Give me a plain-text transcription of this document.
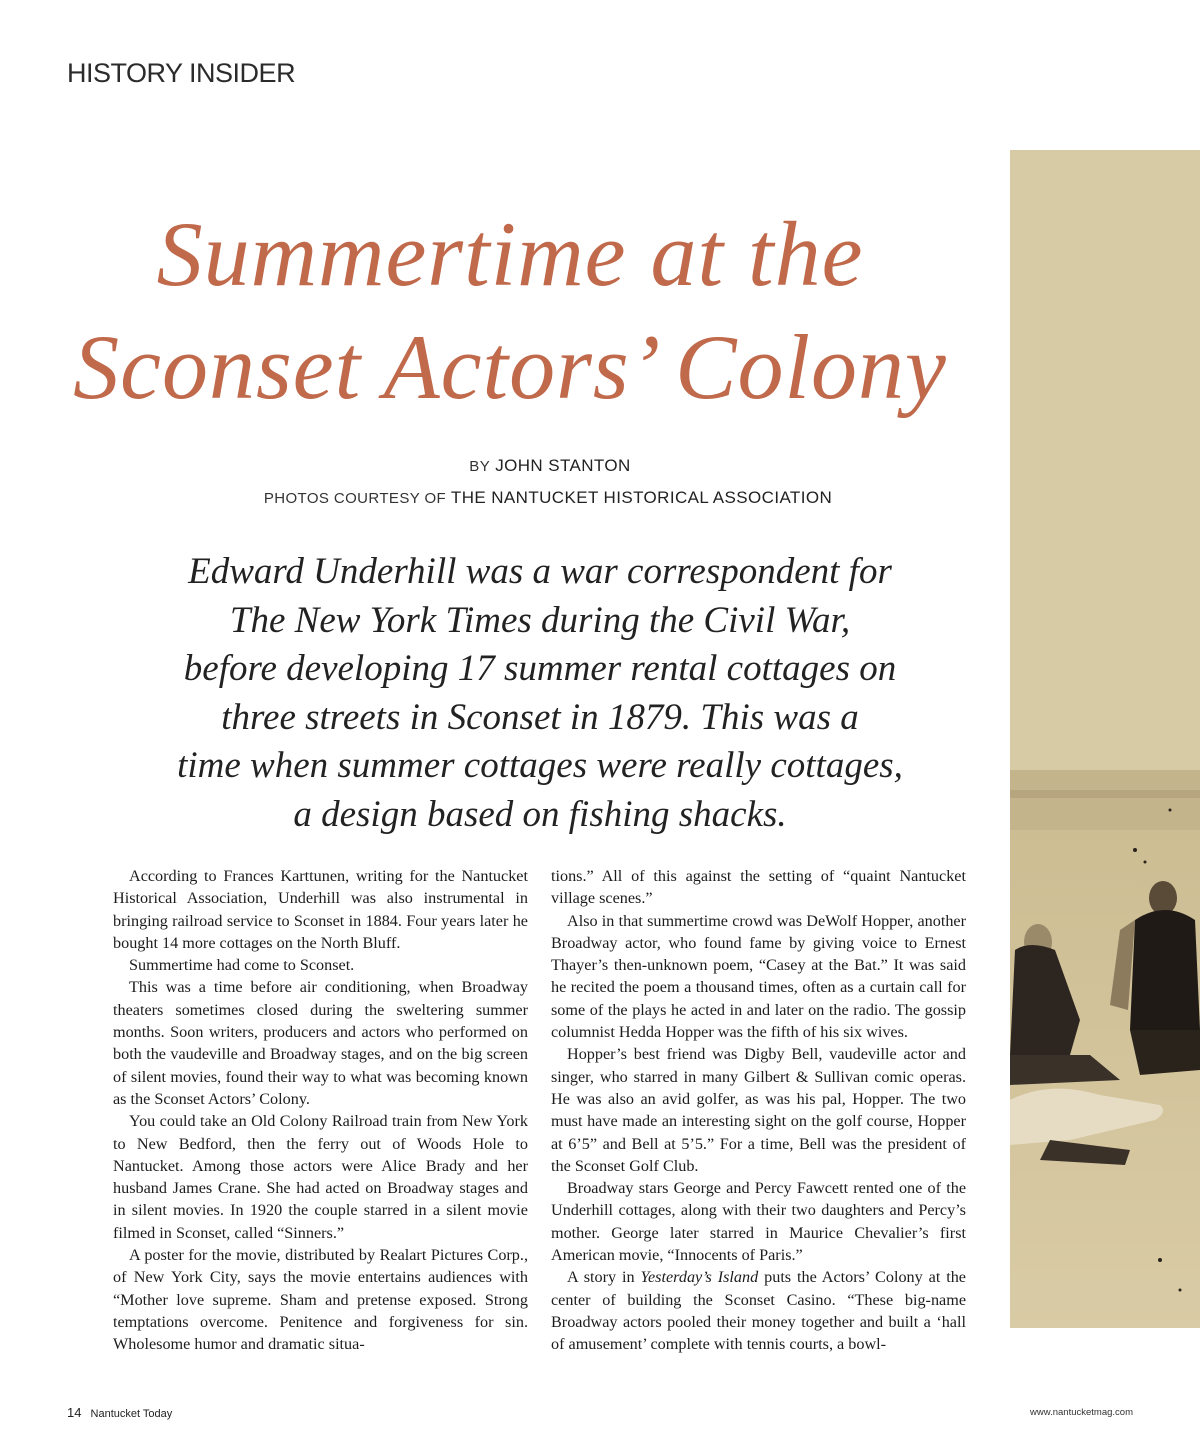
HISTORY INSIDER
Summertime at the
Sconset Actors’ Colony
BY JOHN STANTON
PHOTOS COURTESY OF THE NANTUCKET HISTORICAL ASSOCIATION

Edward Underhill was a war correspondent for
The New York Times during the Civil War,
before developing 17 summer rental cottages on
three streets in Sconset in 1879. This was a
time when summer cottages were really cottages,
a design based on fishing shacks.

According to Frances Karttunen, writing for the Nantucket Historical Association, Underhill was also instrumental in bringing railroad service to Sconset in 1884. Four years later he bought 14 more cottages on the North Bluff.

Summertime had come to Sconset.

This was a time before air conditioning, when Broadway theaters sometimes closed during the sweltering summer months. Soon writers, producers and actors who performed on both the vaudeville and Broadway stages, and on the big screen of silent movies, found their way to what was becoming known as the Sconset Actors’ Colony.

You could take an Old Colony Railroad train from New York to New Bedford, then the ferry out of Woods Hole to Nantucket. Among those actors were Alice Brady and her husband James Crane. She had acted on Broadway stages and in silent movies. In 1920 the couple starred in a silent movie filmed in Sconset, called “Sinners.”

A poster for the movie, distributed by Realart Pictures Corp., of New York City, says the movie entertains audiences with “Mother love supreme. Sham and pretense exposed. Strong temptations overcome. Penitence and forgiveness for sin. Wholesome humor and dramatic situa-

tions.” All of this against the setting of “quaint Nantucket village scenes.”

Also in that summertime crowd was DeWolf Hopper, another Broadway actor, who found fame by giving voice to Ernest Thayer’s then-unknown poem, “Casey at the Bat.” It was said he recited the poem a thousand times, often as a curtain call for some of the plays he acted in and later on the radio. The gossip columnist Hedda Hopper was the fifth of his six wives.

Hopper’s best friend was Digby Bell, vaudeville actor and singer, who starred in many Gilbert & Sullivan comic operas. He was also an avid golfer, as was his pal, Hopper. The two must have made an interesting sight on the golf course, Hopper at 6’5” and Bell at 5’5.” For a time, Bell was the president of the Sconset Golf Club.

Broadway stars George and Percy Fawcett rented one of the Underhill cottages, along with their two daughters and Percy’s mother. George later starred in Maurice Chevalier’s first American movie, “Innocents of Paris.”

A story in Yesterday’s Island puts the Actors’ Colony at the center of building the Sconset Casino. “These big-name Broadway actors pooled their money together and built a ‘hall of amusement’ complete with tennis courts, a bowl-

14 Nantucket Today	www.nantucketmag.com
